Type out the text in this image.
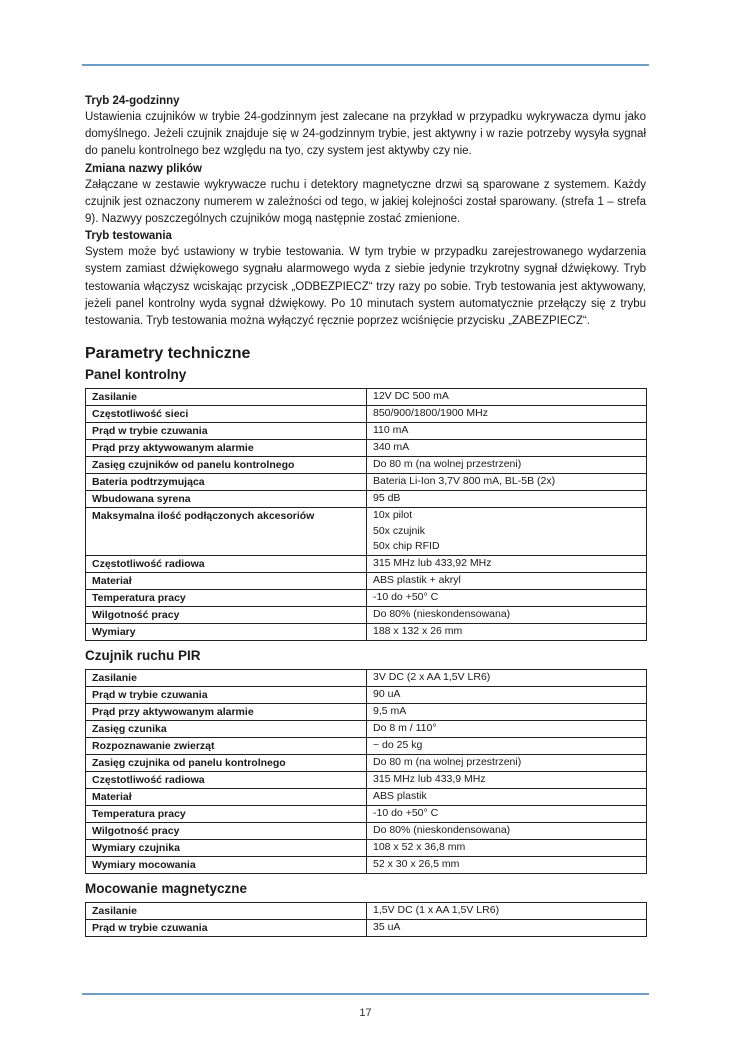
Tryb 24-godzinny

Ustawienia czujników w trybie 24-godzinnym jest zalecane na przykład w przypadku wykrywacza dymu jako domyślnego. Jeżeli czujnik znajduje się w 24-godzinnym trybie, jest aktywny i w razie potrzeby wysyła sygnał do panelu kontrolnego bez względu na tyo, czy system jest aktywby czy nie.

Zmiana nazwy plików

Załączane w zestawie wykrywacze ruchu i detektory magnetyczne drzwi są sparowane z systemem. Każdy czujnik jest oznaczony numerem w zależności od tego, w jakiej kolejności został sparowany. (strefa 1 – strefa 9). Nazwyy poszczególnych czujników mogą następnie zostać zmienione.

Tryb testowania

System może być ustawiony w trybie testowania. W tym trybie w przypadku zarejestrowanego wydarzenia system zamiast dźwiękowego sygnału alarmowego wyda z siebie jedynie trzykrotny sygnał dźwiękowy. Tryb testowania włączysz wciskając przycisk „ODBEZPIECZ“ trzy razy po sobie. Tryb testowania jest aktywowany, jeżeli panel kontrolny wyda sygnał dźwiękowy. Po 10 minutach system automatycznie przełączy się z trybu testowania. Tryb testowania można wyłączyć ręcznie poprzez wciśnięcie przycisku „ZABEZPIECZ“.

Parametry techniczne
Panel kontrolny
Zasilanie	12V DC 500 mA

Częstotliwość sieci	850/900/1800/1900 MHz

Prąd w trybie czuwania	110 mA

Prąd przy aktywowanym alarmie	340 mA

Zasięg czujników od panelu kontrolnego	Do 80 m (na wolnej przestrzeni)

Bateria podtrzymująca	Bateria Li-Ion 3,7V 800 mA, BL-5B (2x)

Wbudowana syrena	95 dB

Maksymalna ilość podłączonych akcesoriów	10x pilot
50x czujnik
50x chip RFID

Częstotliwość radiowa	315 MHz lub 433,92 MHz

Materiał	ABS plastik + akryl

Temperatura pracy	-10 do +50° C

Wilgotność pracy	Do 80% (nieskondensowana)

Wymiary	188 x 132 x 26 mm
Czujnik ruchu PIR
Zasilanie	3V DC (2 x AA 1,5V LR6)

Prąd w trybie czuwania	90 uA

Prąd przy aktywowanym alarmie	9,5 mA

Zasięg czunika	Do 8 m / 110°

Rozpoznawanie zwierząt	~ do 25 kg

Zasięg czujnika od panelu kontrolnego	Do 80 m (na wolnej przestrzeni)

Częstotliwość radiowa	315 MHz lub 433,9 MHz

Materiał	ABS plastik

Temperatura pracy	-10 do +50° C

Wilgotność pracy	Do 80% (nieskondensowana)

Wymiary czujnika	108 x 52 x 36,8 mm

Wymiary mocowania	52 x 30 x 26,5 mm
Mocowanie magnetyczne
Zasilanie	1,5V DC (1 x AA 1,5V LR6)

Prąd w trybie czuwania	35 uA
17
